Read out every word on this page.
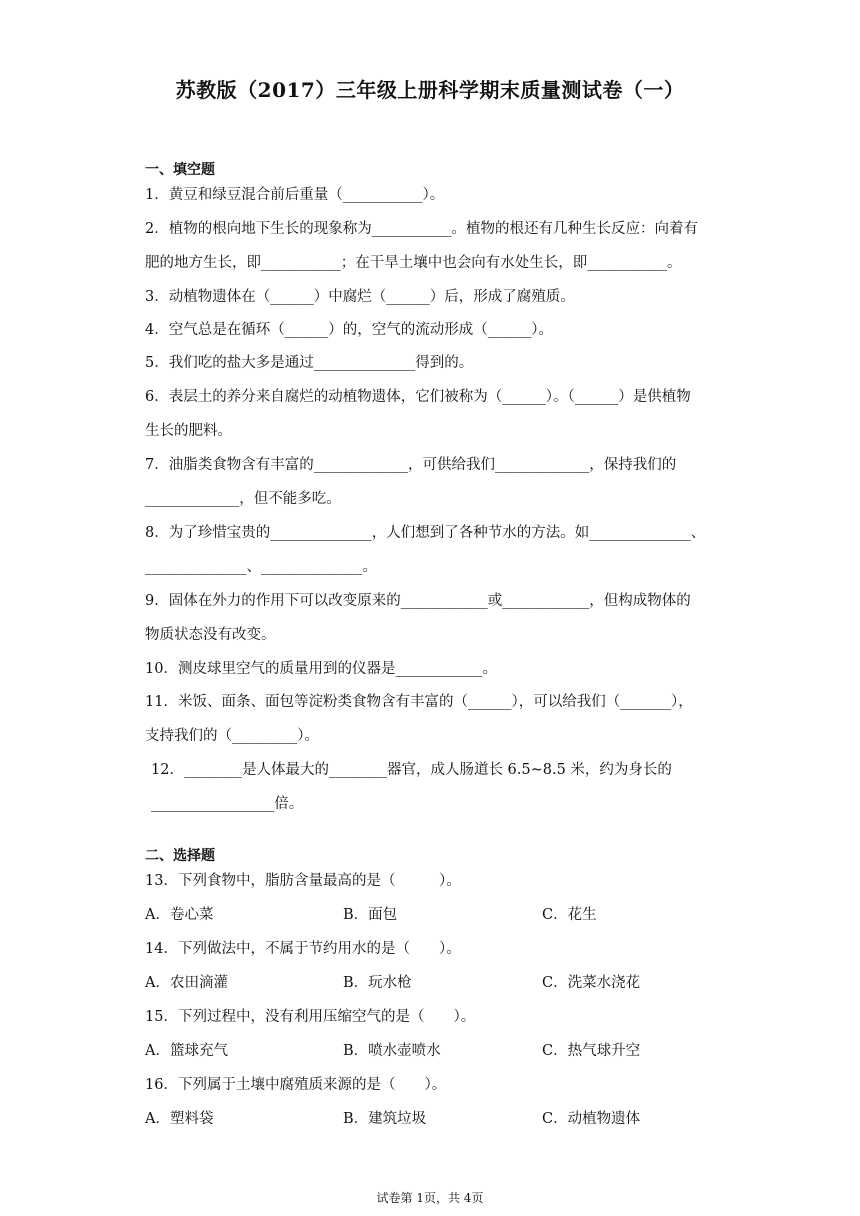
苏教版（2017）三年级上册科学期末质量测试卷（一）
一、填空题
1．黄豆和绿豆混合前后重量（___________）。
2．植物的根向地下生长的现象称为___________。植物的根还有几种生长反应：向着有
肥的地方生长，即___________；在干旱土壤中也会向有水处生长，即___________。
3．动植物遗体在（______）中腐烂（______）后，形成了腐殖质。
4．空气总是在循环（______）的，空气的流动形成（______）。
5．我们吃的盐大多是通过______________得到的。
6．表层土的养分来自腐烂的动植物遗体，它们被称为（______）。（______）是供植物
生长的肥料。
7．油脂类食物含有丰富的_____________，可供给我们_____________，保持我们的
_____________，但不能多吃。
8．为了珍惜宝贵的______________，人们想到了各种节水的方法。如______________、
______________、______________。
9．固体在外力的作用下可以改变原来的____________或____________，但构成物体的
物质状态没有改变。
10．测皮球里空气的质量用到的仪器是____________。
11．米饭、面条、面包等淀粉类食物含有丰富的（______），可以给我们（_______），
支持我们的（_________）。
12．________是人体最大的________器官，成人肠道长 6.5~8.5 米，约为身长的
_________________倍。
二、选择题
13．下列食物中，脂肪含量最高的是（　　　）。
A．卷心菜	B．面包	C．花生
14．下列做法中，不属于节约用水的是（　　）。
A．农田滴灌	B．玩水枪	C．洗菜水浇花
15．下列过程中，没有利用压缩空气的是（　　）。
A．篮球充气	B．喷水壶喷水	C．热气球升空
16．下列属于土壤中腐殖质来源的是（　　）。
A．塑料袋	B．建筑垃圾	C．动植物遗体
试卷第 1页，共 4页
